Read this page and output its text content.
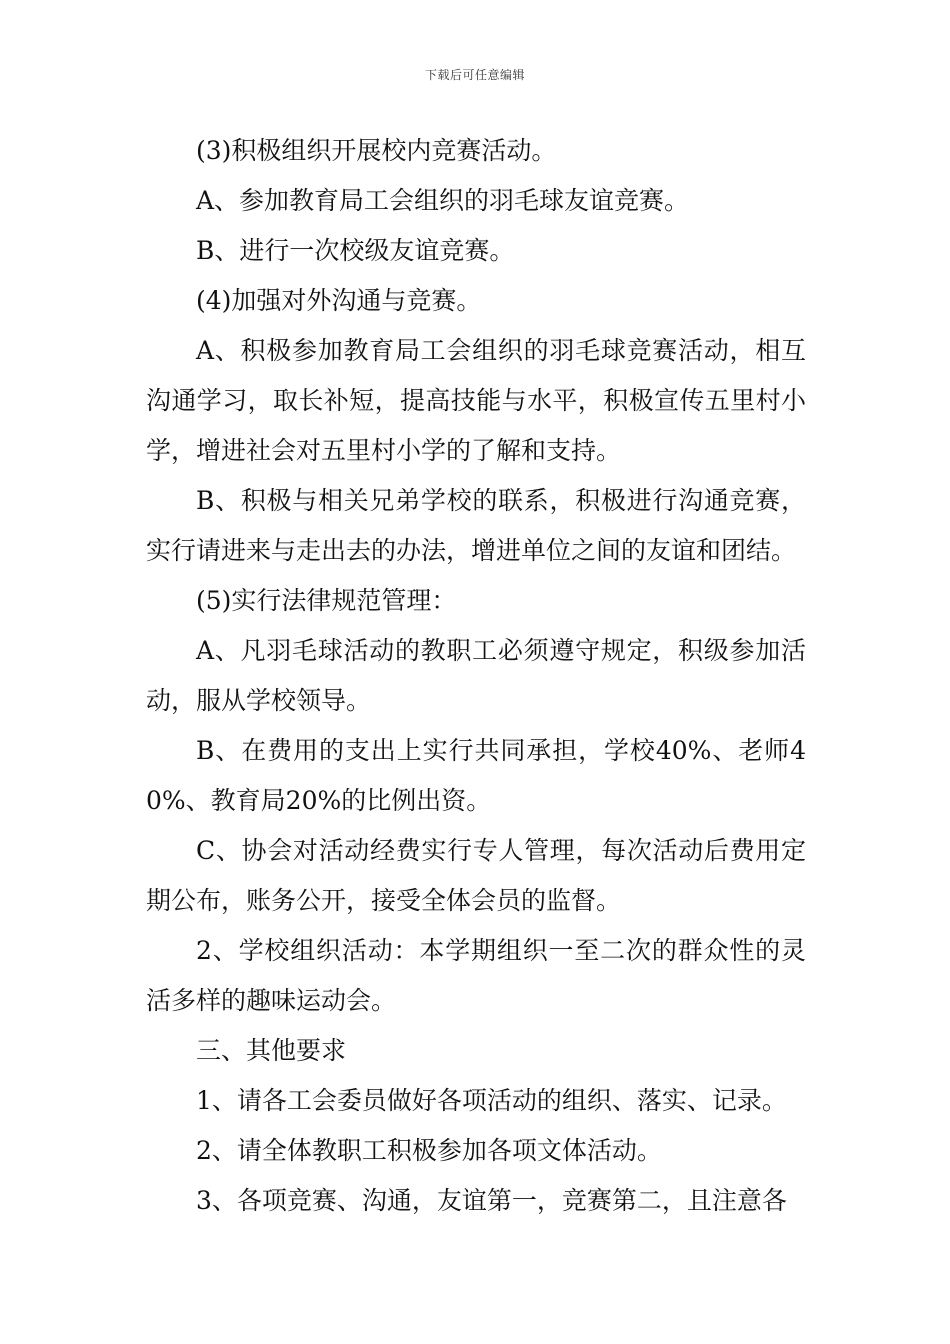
下载后可任意编辑

(3)积极组织开展校内竞赛活动。

A、参加教育局工会组织的羽毛球友谊竞赛。

B、进行一次校级友谊竞赛。

(4)加强对外沟通与竞赛。

A、积极参加教育局工会组织的羽毛球竞赛活动，相互沟通学习，取长补短，提高技能与水平，积极宣传五里村小学，增进社会对五里村小学的了解和支持。

B、积极与相关兄弟学校的联系，积极进行沟通竞赛，实行请进来与走出去的办法，增进单位之间的友谊和团结。

(5)实行法律规范管理：

A、凡羽毛球活动的教职工必须遵守规定，积级参加活动，服从学校领导。

B、在费用的支出上实行共同承担，学校40%、老师40%、教育局20%的比例出资。

C、协会对活动经费实行专人管理，每次活动后费用定期公布，账务公开，接受全体会员的监督。

2、学校组织活动：本学期组织一至二次的群众性的灵活多样的趣味运动会。

三、其他要求

1、请各工会委员做好各项活动的组织、落实、记录。

2、请全体教职工积极参加各项文体活动。

3、各项竞赛、沟通，友谊第一，竞赛第二，且注意各
